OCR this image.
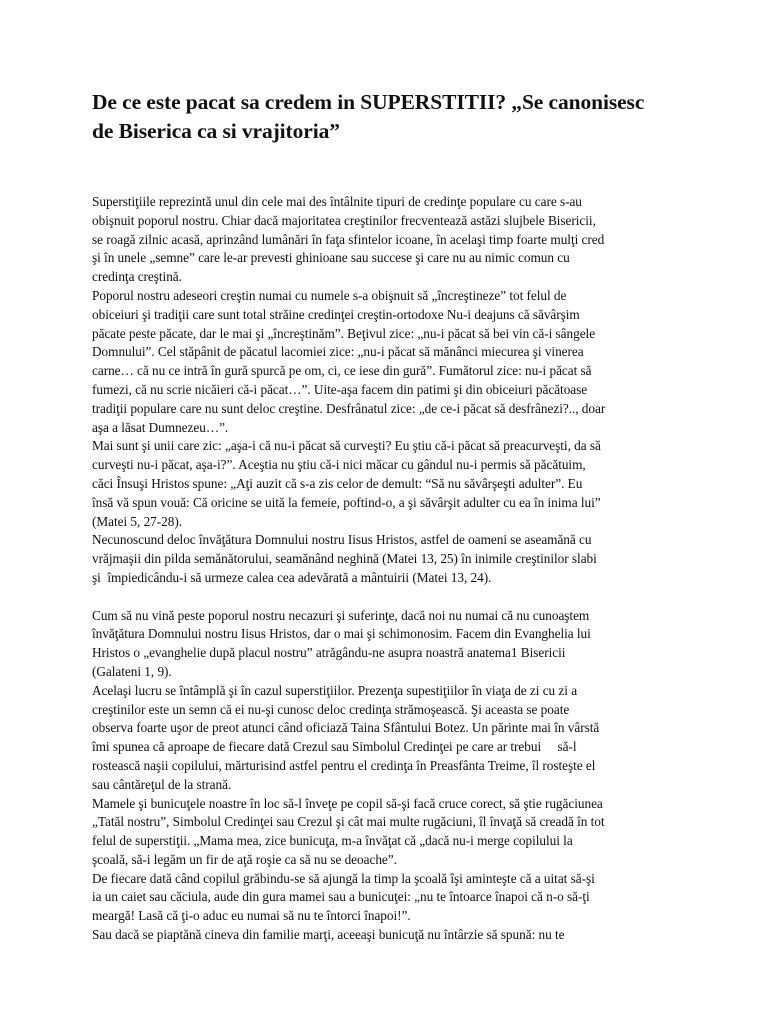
De ce este pacat sa credem in SUPERSTITII? „Se canonisesc
de Biserica ca si vrajitoria”
Superstiţiile reprezintă unul din cele mai des întâlnite tipuri de credinţe populare cu care s-au
obişnuit poporul nostru. Chiar dacă majoritatea creştinilor frecventează astăzi slujbele Bisericii,
se roagă zilnic acasă, aprinzând lumânări în faţa sfintelor icoane, în acelaşi timp foarte mulţi cred
şi în unele „semne” care le-ar prevesti ghinioane sau succese şi care nu au nimic comun cu
credinţa creştină.
Poporul nostru adeseori creştin numai cu numele s-a obişnuit să „încreştineze” tot felul de
obiceiuri şi tradiţii care sunt total străine credinţei creştin-ortodoxe Nu-i deajuns că săvârşim
păcate peste păcate, dar le mai şi „încreştinăm”. Beţivul zice: „nu-i păcat să bei vin că-i sângele
Domnului”. Cel stăpânit de păcatul lacomiei zice: „nu-i păcat să mănânci miecurea şi vinerea
carne… că nu ce intră în gură spurcă pe om, ci, ce iese din gură”. Fumătorul zice: nu-i păcat să
fumezi, că nu scrie nicăieri că-i păcat…”. Uite-aşa facem din patimi şi din obiceiuri păcătoase
tradiţii populare care nu sunt deloc creştine. Desfrânatul zice: „de ce-i păcat să desfrânezi?.., doar
aşa a lăsat Dumnezeu…”.
Mai sunt şi unii care zic: „aşa-i că nu-i păcat să curveşti? Eu ştiu că-i păcat să preacurveşti, da să
curveşti nu-i păcat, aşa-i?”. Aceştia nu ştiu că-i nici măcar cu gândul nu-i permis să păcătuim,
căci Însuşi Hristos spune: „Aţi auzit că s-a zis celor de demult: “Să nu săvârşeşti adulter”. Eu
însă vă spun vouă: Că oricine se uită la femeie, poftind-o, a şi săvârşit adulter cu ea în inima lui”
(Matei 5, 27-28).
Necunoscund deloc învăţătura Domnului nostru Iisus Hristos, astfel de oameni se aseamănă cu
vrăjmaşii din pilda semănătorului, seamănând neghină (Matei 13, 25) în inimile creştinilor slabi
şi  împiedicându-i să urmeze calea cea adevărată a mântuirii (Matei 13, 24).
Cum să nu vină peste poporul nostru necazuri şi suferinţe, dacă noi nu numai că nu cunoaştem
învăţătura Domnului nostru Iisus Hristos, dar o mai şi schimonosim. Facem din Evanghelia lui
Hristos o „evanghelie după placul nostru” atrăgându-ne asupra noastră anatema1 Bisericii
(Galateni 1, 9).
Acelaşi lucru se întâmplă şi în cazul superstiţiilor. Prezenţa supestiţiilor în viaţa de zi cu zi a
creştinilor este un semn că ei nu-şi cunosc deloc credinţa strămoşească. Şi aceasta se poate
observa foarte uşor de preot atunci când oficiază Taina Sfântului Botez. Un părinte mai în vârstă
îmi spunea că aproape de fiecare dată Crezul sau Simbolul Credinţei pe care ar trebui     să-l
rostească naşii copilului, mărturisind astfel pentru el credinţa în Preasfânta Treime, îl rosteşte el
sau cântăreţul de la strană.
Mamele şi bunicuţele noastre în loc să-l înveţe pe copil să-şi facă cruce corect, să ştie rugăciunea
„Tatăl nostru”, Simbolul Credinţei sau Crezul şi cât mai multe rugăciuni, îl învaţă să creadă în tot
felul de superstiţii. „Mama mea, zice bunicuţa, m-a învăţat că „dacă nu-i merge copilului la
şcoală, să-i legăm un fir de aţă roşie ca să nu se deoache”.
De fiecare dată când copilul grăbindu-se să ajungă la timp la şcoală îşi aminteşte că a uitat să-şi
ia un caiet sau căciula, aude din gura mamei sau a bunicuţei: „nu te întoarce înapoi că n-o să-ţi
meargă! Lasă că ţi-o aduc eu numai să nu te întorci înapoi!”.
Sau dacă se piaptănă cineva din familie marţi, aceeaşi bunicuţă nu întârzie să spună: nu te
